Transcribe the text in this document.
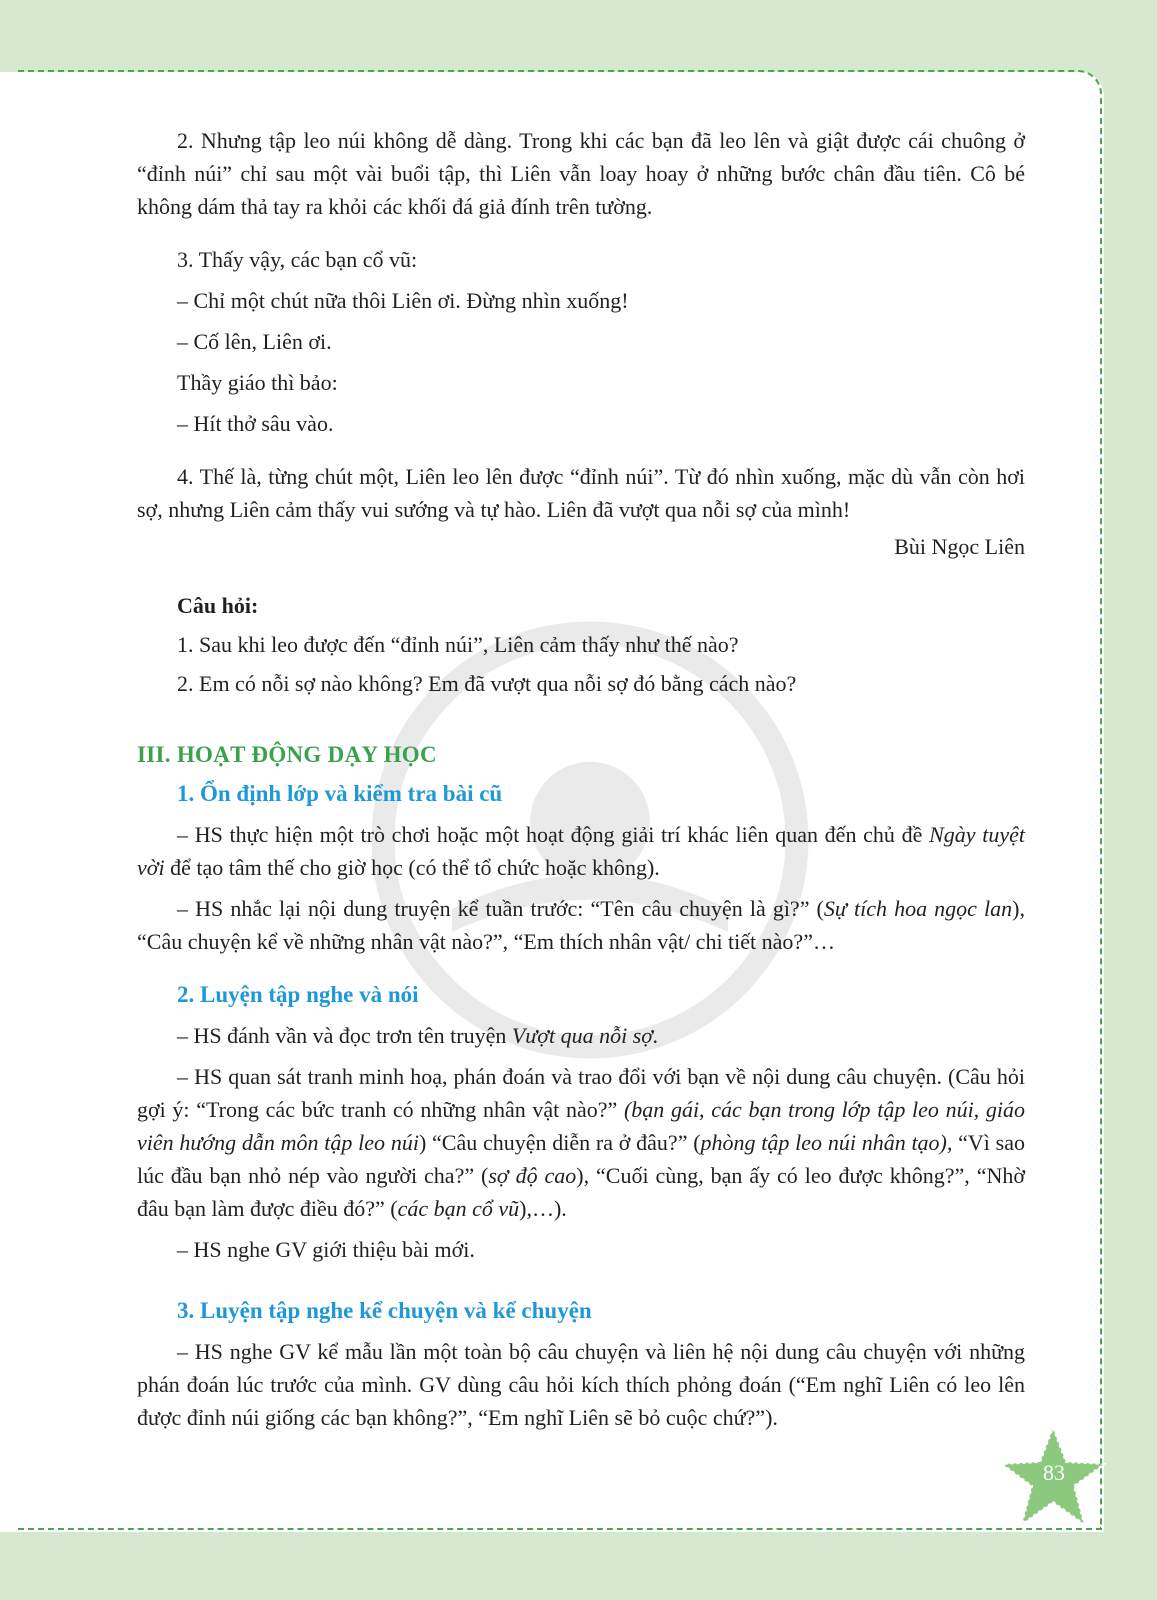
2. Nhưng tập leo núi không dễ dàng. Trong khi các bạn đã leo lên và giật được cái chuông ở “đỉnh núi” chỉ sau một vài buổi tập, thì Liên vẫn loay hoay ở những bước chân đầu tiên. Cô bé không dám thả tay ra khỏi các khối đá giả đính trên tường.

3. Thấy vậy, các bạn cổ vũ:

– Chỉ một chút nữa thôi Liên ơi. Đừng nhìn xuống!

– Cố lên, Liên ơi.

Thầy giáo thì bảo:

– Hít thở sâu vào.

4. Thế là, từng chút một, Liên leo lên được “đỉnh núi”. Từ đó nhìn xuống, mặc dù vẫn còn hơi sợ, nhưng Liên cảm thấy vui sướng và tự hào. Liên đã vượt qua nỗi sợ của mình!

Bùi Ngọc Liên

Câu hỏi:

1. Sau khi leo được đến “đỉnh núi”, Liên cảm thấy như thế nào?

2. Em có nỗi sợ nào không? Em đã vượt qua nỗi sợ đó bằng cách nào?

III. HOẠT ĐỘNG DẠY HỌC

1. Ổn định lớp và kiểm tra bài cũ

– HS thực hiện một trò chơi hoặc một hoạt động giải trí khác liên quan đến chủ đề Ngày tuyệt vời để tạo tâm thế cho giờ học (có thể tổ chức hoặc không).

– HS nhắc lại nội dung truyện kể tuần trước: “Tên câu chuyện là gì?” (Sự tích hoa ngọc lan), “Câu chuyện kể về những nhân vật nào?”, “Em thích nhân vật/ chi tiết nào?”…

2. Luyện tập nghe và nói

– HS đánh vần và đọc trơn tên truyện Vượt qua nỗi sợ.

– HS quan sát tranh minh hoạ, phán đoán và trao đổi với bạn về nội dung câu chuyện. (Câu hỏi gợi ý: “Trong các bức tranh có những nhân vật nào?” (bạn gái, các bạn trong lớp tập leo núi, giáo viên hướng dẫn môn tập leo núi) “Câu chuyện diễn ra ở đâu?” (phòng tập leo núi nhân tạo), “Vì sao lúc đầu bạn nhỏ nép vào người cha?” (sợ độ cao), “Cuối cùng, bạn ấy có leo được không?”, “Nhờ đâu bạn làm được điều đó?” (các bạn cổ vũ),…).

– HS nghe GV giới thiệu bài mới.

3. Luyện tập nghe kể chuyện và kể chuyện

– HS nghe GV kể mẫu lần một toàn bộ câu chuyện và liên hệ nội dung câu chuyện với những phán đoán lúc trước của mình. GV dùng câu hỏi kích thích phỏng đoán (“Em nghĩ Liên có leo lên được đỉnh núi giống các bạn không?”, “Em nghĩ Liên sẽ bỏ cuộc chứ?”).

83
